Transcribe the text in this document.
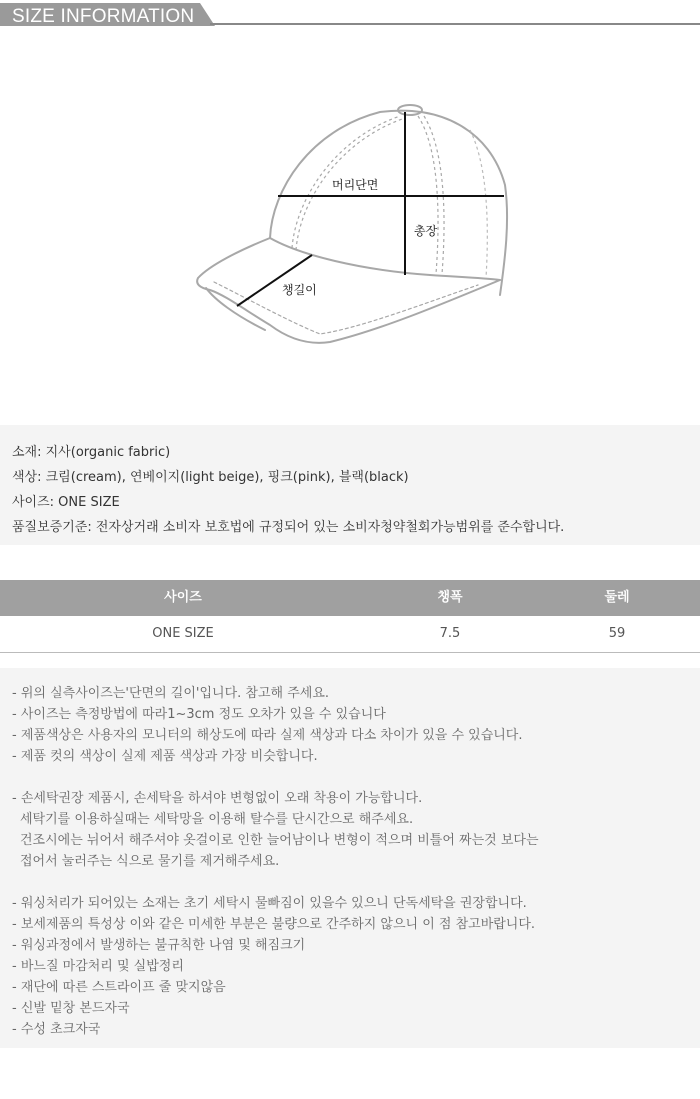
SIZE INFORMATION
머리단면
총장
챙길이
소재: 지사(organic fabric)
색상: 크림(cream), 연베이지(light beige), 핑크(pink), 블랙(black)
사이즈: ONE SIZE
품질보증기준: 전자상거래 소비자 보호법에 규정되어 있는 소비자청약철회가능범위를 준수합니다.
사이즈	챙폭	둘레
ONE SIZE	7.5	59
- 위의 실측사이즈는'단면의 길이'입니다. 참고해 주세요.
- 사이즈는 측정방법에 따라1~3cm 정도 오차가 있을 수 있습니다
- 제품색상은 사용자의 모니터의 해상도에 따라 실제 색상과 다소 차이가 있을 수 있습니다.
- 제품 컷의 색상이 실제 제품 색상과 가장 비슷합니다.
- 손세탁권장 제품시, 손세탁을 하셔야 변형없이 오래 착용이 가능합니다.
세탁기를 이용하실때는 세탁망을 이용해 탈수를 단시간으로 해주세요.
건조시에는 뉘어서 해주셔야 옷걸이로 인한 늘어남이나 변형이 적으며 비틀어 짜는것 보다는
접어서 눌러주는 식으로 물기를 제거해주세요.
- 워싱처리가 되어있는 소재는 초기 세탁시 물빠짐이 있을수 있으니 단독세탁을 권장합니다.
- 보세제품의 특성상 이와 같은 미세한 부분은 불량으로 간주하지 않으니 이 점 참고바랍니다.
- 워싱과정에서 발생하는 불규칙한 나염 및 해짐크기
- 바느질 마감처리 및 실밥정리
- 재단에 따른 스트라이프 줄 맞지않음
- 신발 밑창 본드자국
- 수성 초크자국
